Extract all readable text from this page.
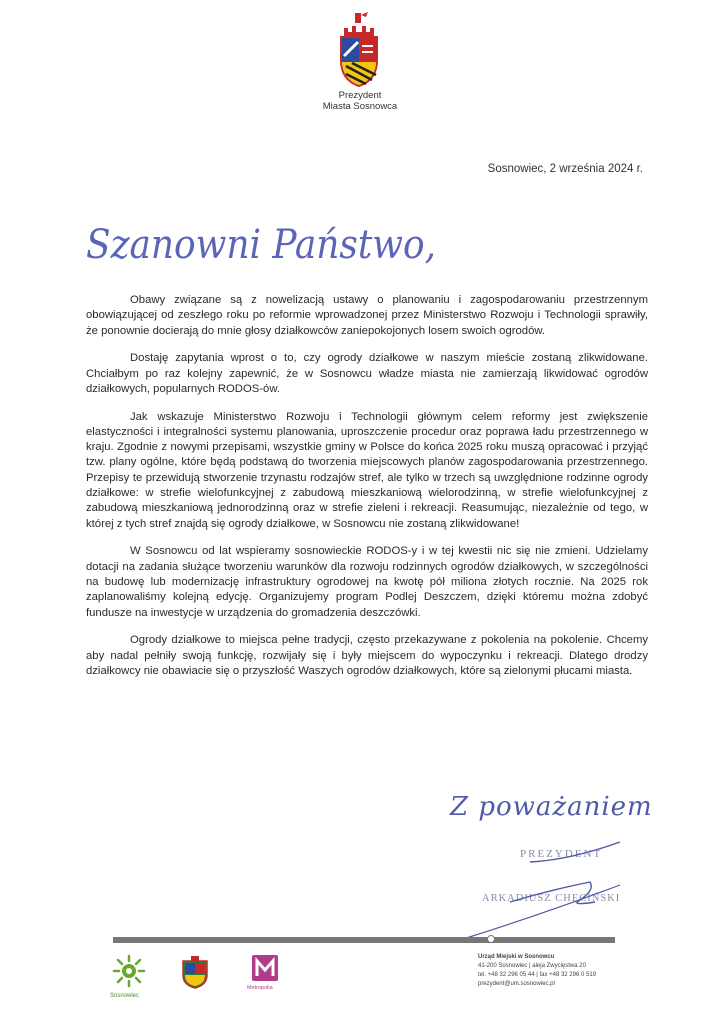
Prezydent
Miasta Sosnowca
Sosnowiec, 2 września 2024 r.
Szanowni Państwo,

Obawy związane są z nowelizacją ustawy o planowaniu i zagospodarowaniu przestrzennym obowiązującej od zeszłego roku po reformie wprowadzonej przez Ministerstwo Rozwoju i Technologii sprawiły, że ponownie docierają do mnie głosy działkowców zaniepokojonych losem swoich ogrodów.

Dostaję zapytania wprost o to, czy ogrody działkowe w naszym mieście zostaną zlikwidowane. Chciałbym po raz kolejny zapewnić, że w Sosnowcu władze miasta nie zamierzają likwidować ogrodów działkowych, popularnych RODOS-ów.

Jak wskazuje Ministerstwo Rozwoju i Technologii głównym celem reformy jest zwiększenie elastyczności i integralności systemu planowania, uproszczenie procedur oraz poprawa ładu przestrzennego w kraju. Zgodnie z nowymi przepisami, wszystkie gminy w Polsce do końca 2025 roku muszą opracować i przyjąć tzw. plany ogólne, które będą podstawą do tworzenia miejscowych planów zagospodarowania przestrzennego. Przepisy te przewidują stworzenie trzynastu rodzajów stref, ale tylko w trzech są uwzględnione rodzinne ogrody działkowe: w strefie wielofunkcyjnej z zabudową mieszkaniową wielorodzinną, w strefie wielofunkcyjnej z zabudową mieszkaniową jednorodzinną oraz w strefie zieleni i rekreacji. Reasumując, niezależnie od tego, w której z tych stref znajdą się ogrody działkowe, w Sosnowcu nie zostaną zlikwidowane!

W Sosnowcu od lat wspieramy sosnowieckie RODOS-y i w tej kwestii nic się nie zmieni. Udzielamy dotacji na zadania służące tworzeniu warunków dla rozwoju rodzinnych ogrodów działkowych, w szczególności na budowę lub modernizację infrastruktury ogrodowej na kwotę pół miliona złotych rocznie. Na 2025 rok zaplanowaliśmy kolejną edycję. Organizujemy program Podlej Deszczem, dzięki któremu można zdobyć fundusze na inwestycje w urządzenia do gromadzenia deszczówki.

Ogrody działkowe to miejsca pełne tradycji, często przekazywane z pokolenia na pokolenie. Chcemy aby nadal pełniły swoją funkcję, rozwijały się i były miejscem do wypoczynku i rekreacji. Dlatego drodzy działkowcy nie obawiacie się o przyszłość Waszych ogrodów działkowych, które są zielonymi płucami miasta.

Z poważaniem
PREZYDENT
ARKADIUSZ CHĘCIŃSKI
Sosnowiec
Metropolia
Urząd Miejski w Sosnowcu
41-200 Sosnowiec | aleja Zwycięstwa 20
tel. +48 32 296 05 44 | fax +48 32 296 0 519
prezydent@um.sosnowiec.pl
